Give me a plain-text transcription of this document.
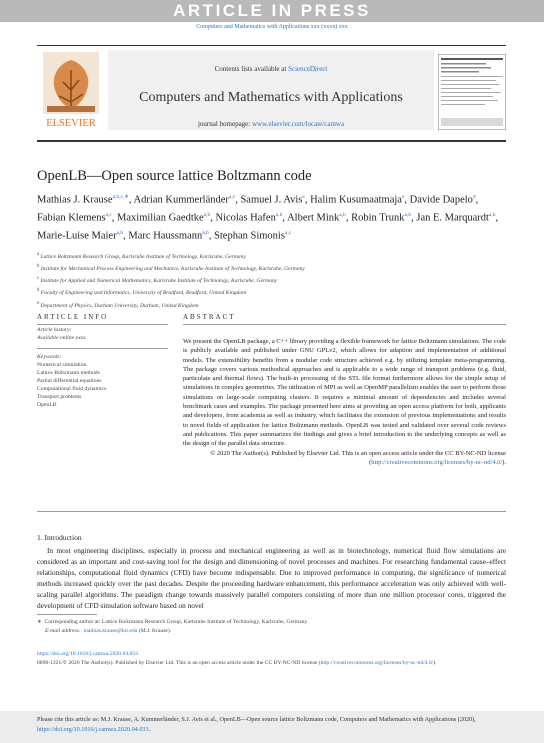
ARTICLE IN PRESS
Computers and Mathematics with Applications xxx (xxxx) xxx
ELSEVIER
Contents lists available at ScienceDirect
Computers and Mathematics with Applications
journal homepage: www.elsevier.com/locate/camwa
OpenLB—Open source lattice Boltzmann code
Mathias J. Krause$^{a,b,c,∗}$, Adrian Kummerländer$^{a,c}$, Samuel J. Avis$^e$, Halim Kusumaatmaja$^e$, Davide Dapelo$^d$, Fabian Klemens$^{a,c}$, Maximilian Gaedtke$^{a,b}$, Nicolas Hafen$^{a,b}$, Albert Mink$^{a,b}$, Robin Trunk$^{a,b}$, Jan E. Marquardt$^{a,b}$, Marie-Luise Maier$^{a,b}$, Marc Haussmann$^{a,b}$, Stephan Simonis$^{a,c}$
$^a$ Lattice Boltzmann Research Group, Karlsruhe Institute of Technology, Karlsruhe, Germany
$^b$ Institute for Mechanical Process Engineering and Mechanics, Karlsruhe Institute of Technology, Karlsruhe, Germany
$^c$ Institute for Applied and Numerical Mathematics, Karlsruhe Institute of Technology, Karlsruhe, Germany
$^d$ Faculty of Engineering and Informatics, University of Bradford, Bradford, United Kingdom
$^e$ Department of Physics, Durham University, Durham, United Kingdom
ARTICLE INFO	ABSTRACT
Article history:
Available online xxxx
Keywords:
Numerical simulation
Lattice Boltzmann methods
Partial differential equations
Computational fluid dynamics
Transport problems
OpenLB
We present the OpenLB package, a C++ library providing a flexible framework for lattice Boltzmann simulations. The code is publicly available and published under GNU GPLv2, which allows for adaption and implementation of additional models. The extensibility benefits from a modular code structure achieved e.g. by utilizing template meta-programming. The package covers various methodical approaches and is applicable to a wide range of transport problems (e.g. fluid, particulate and thermal flows). The built-in processing of the STL file format furthermore allows for the simple setup of simulations in complex geometries. The utilization of MPI as well as OpenMP parallelism enables the user to perform those simulations on large-scale computing clusters. It requires a minimal amount of dependencies and includes several benchmark cases and examples. The package presented here aims at providing an open access platform for both, applicants and developers, from academia as well as industry, which facilitates the extension of previous implementations and results to novel fields of application for lattice Boltzmann methods. OpenLB was tested and validated over several code reviews and publications. This paper summarizes the findings and gives a brief introduction to the underlying concepts as well as the design of the parallel data structure.
© 2020 The Author(s). Published by Elsevier Ltd. This is an open access article under the CC BY-NC-ND license (http://creativecommons.org/licenses/by-nc-nd/4.0/).
1. Introduction
In most engineering disciplines, especially in process and mechanical engineering as well as in biotechnology, numerical fluid flow simulations are considered as an important and cost-saving tool for the design and dimensioning of novel processes and machines. For researching fundamental cause–effect relationships, computational fluid dynamics (CFD) have become indispensable. Due to improved performance in computing, the significance of numerical methods increased quickly over the past decades. Despite the proceeding hardware enhancement, this performance acceleration was only achieved with well-scaling parallel algorithms. The paradigm change towards massively parallel computers consisting of more than one million processor cores, triggered the development of CFD simulation software based on novel
∗ Corresponding author at: Lattice Boltzmann Research Group, Karlsruhe Institute of Technology, Karlsruhe, Germany.
E-mail address: mathias.krause@kit.edu (M.J. Krause).
https://doi.org/10.1016/j.camwa.2020.04.033
0898-1221/© 2020 The Author(s). Published by Elsevier Ltd. This is an open access article under the CC BY-NC-ND license (http://creativecommons.org/licenses/by-nc-nd/4.0/).
Please cite this article as: M.J. Krause, A. Kummerländer, S.J. Avis et al., OpenLB—Open source lattice Boltzmann code, Computers and Mathematics with Applications (2020), https://doi.org/10.1016/j.camwa.2020.04.033.
